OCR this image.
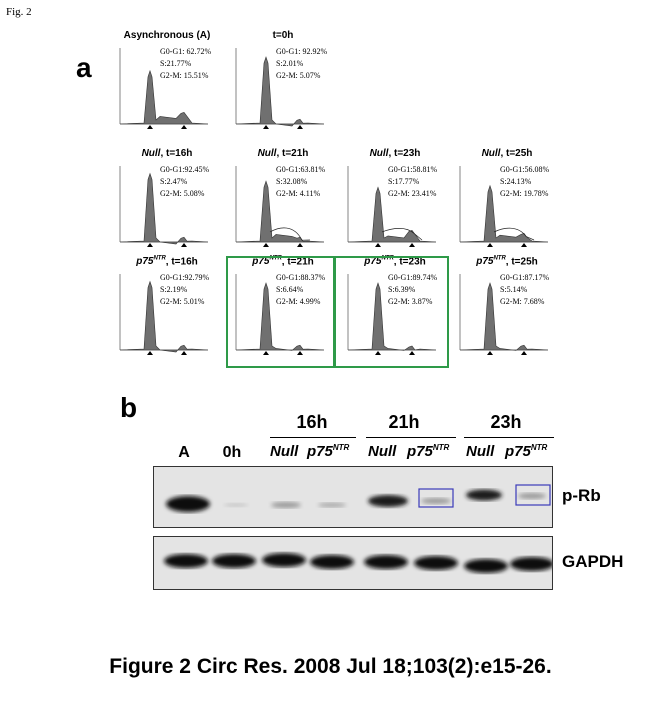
Fig. 2
a
Asynchronous (A)
G0-G1: 62.72%
S:21.77%
G2-M: 15.51%
t=0h
G0-G1: 92.92%
S:2.01%
G2-M: 5.07%
Null, t=16h
G0-G1:92.45%
S:2.47%
G2-M: 5.08%
Null, t=21h
G0-G1:63.81%
S:32.08%
G2-M: 4.11%
Null, t=23h
G0-G1:58.81%
S:17.77%
G2-M: 23.41%
Null, t=25h
G0-G1:56.08%
S:24.13%
G2-M: 19.78%
$p75^{NTR}$, t=16h
G0-G1:92.79%
S:2.19%
G2-M: 5.01%
$p75^{NTR}$, t=21h
G0-G1:88.37%
S:6.64%
G2-M: 4.99%
$p75^{NTR}$, t=23h
G0-G1:89.74%
S:6.39%
G2-M: 3.87%
$p75^{NTR}$, t=25h
G0-G1:87.17%
S:5.14%
G2-M: 7.68%
b	16h	21h	23h
A	0h	Null $p75^{NTR}$ Null $p75^{NTR}$ Null $p75^{NTR}$
p-Rb
GAPDH
Figure 2 Circ Res. 2008 Jul 18;103(2):e15-26.
